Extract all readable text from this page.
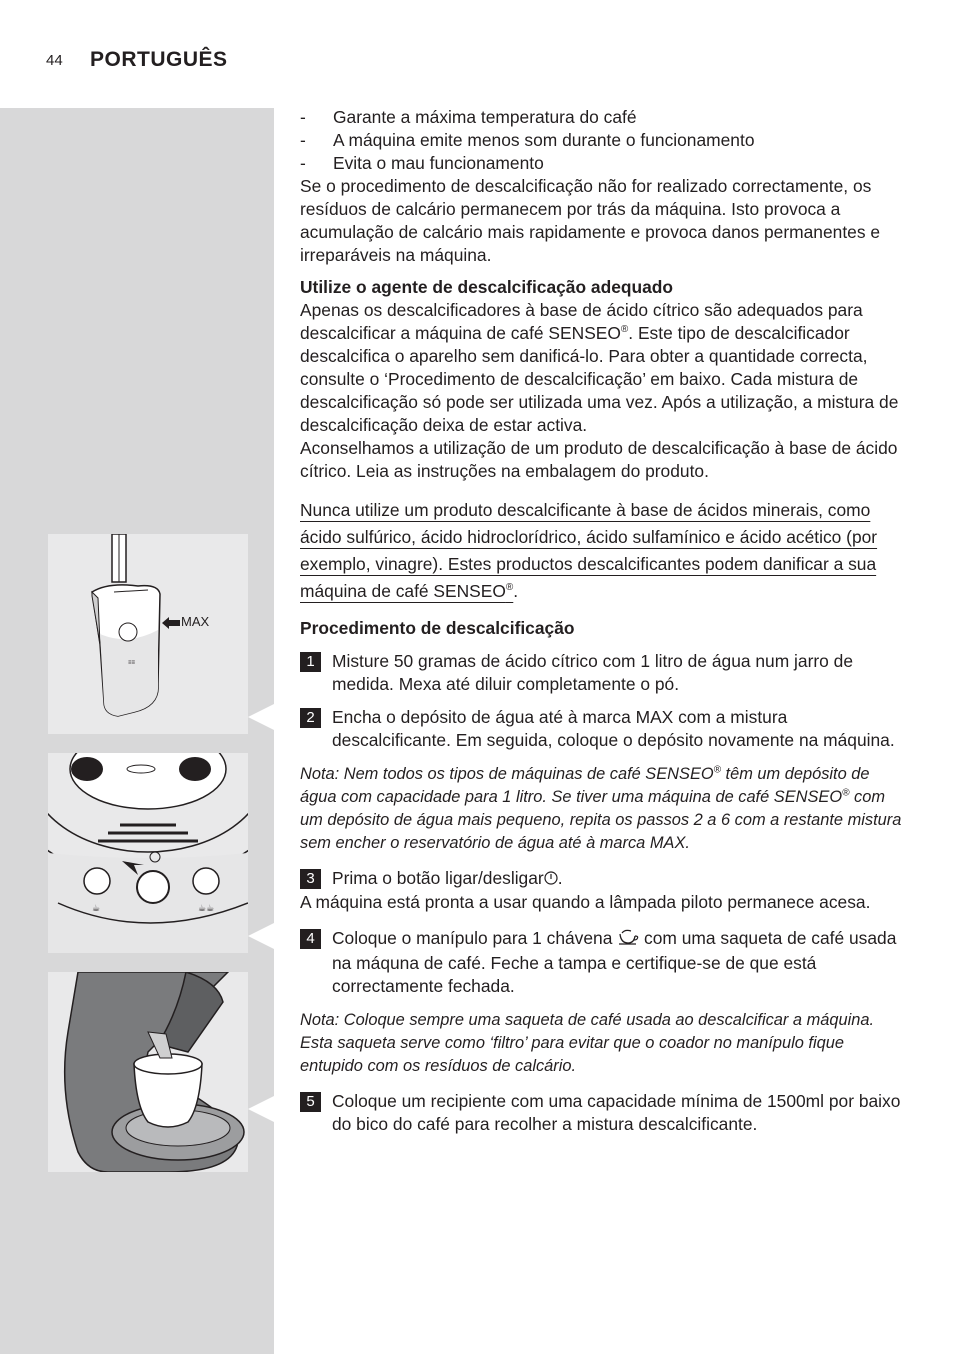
44 PORTUGUÊS
≡≡
MAX
☕	☕☕
-	Garante a máxima temperatura do café
-	A máquina emite menos som durante o funcionamento
-	Evita o mau funcionamento

Se o procedimento de descalcificação não for realizado correctamente, os resíduos de calcário permanecem por trás da máquina. Isto provoca a acumulação de calcário mais rapidamente e provoca danos permanentes e irreparáveis na máquina.

Utilize o agente de descalcificação adequado

Apenas os descalcificadores à base de ácido cítrico são adequados para descalcificar a máquina de café SENSEO®. Este tipo de descalcificador descalcifica o aparelho sem danificá-lo. Para obter a quantidade correcta, consulte o ‘Procedimento de descalcificação’ em baixo. Cada mistura de descalcificação só pode ser utilizada uma vez. Após a utilização, a mistura de descalcificação deixa de estar activa.

Aconselhamos a utilização de um produto de descalcificação à base de ácido cítrico. Leia as instruções na embalagem do produto.

Nunca utilize um produto descalcificante à base de ácidos minerais, como ácido sulfúrico, ácido hidroclorídrico, ácido sulfamínico e ácido acético (por exemplo, vinagre). Estes productos descalcificantes podem danificar a sua máquina de café SENSEO®.

Procedimento de descalcificação

1 Misture 50 gramas de ácido cítrico com 1 litro de água num jarro de medida. Mexa até diluir completamente o pó.
2 Encha o depósito de água até à marca MAX com a mistura descalcificante. Em seguida, coloque o depósito novamente na máquina.

Nota: Nem todos os tipos de máquinas de café SENSEO® têm um depósito de água com capacidade para 1 litro. Se tiver uma máquina de café SENSEO® com um depósito de água mais pequeno, repita os passos 2 a 6 com a restante mistura sem encher o reservatório de água até à marca MAX.

3 Prima o botão ligar/desligar .

A máquina está pronta a usar quando a lâmpada piloto permanece acesa.

4 Coloque o manípulo para 1 chávena  com uma saqueta de café usada na máquna de café. Feche a tampa e certifique-se de que está correctamente fechada.

Nota: Coloque sempre uma saqueta de café usada ao descalcificar a máquina. Esta saqueta serve como ‘filtro’ para evitar que o coador no manípulo fique entupido com os resíduos de calcário.

5 Coloque um recipiente com uma capacidade mínima de 1500ml por baixo do bico do café para recolher a mistura descalcificante.
